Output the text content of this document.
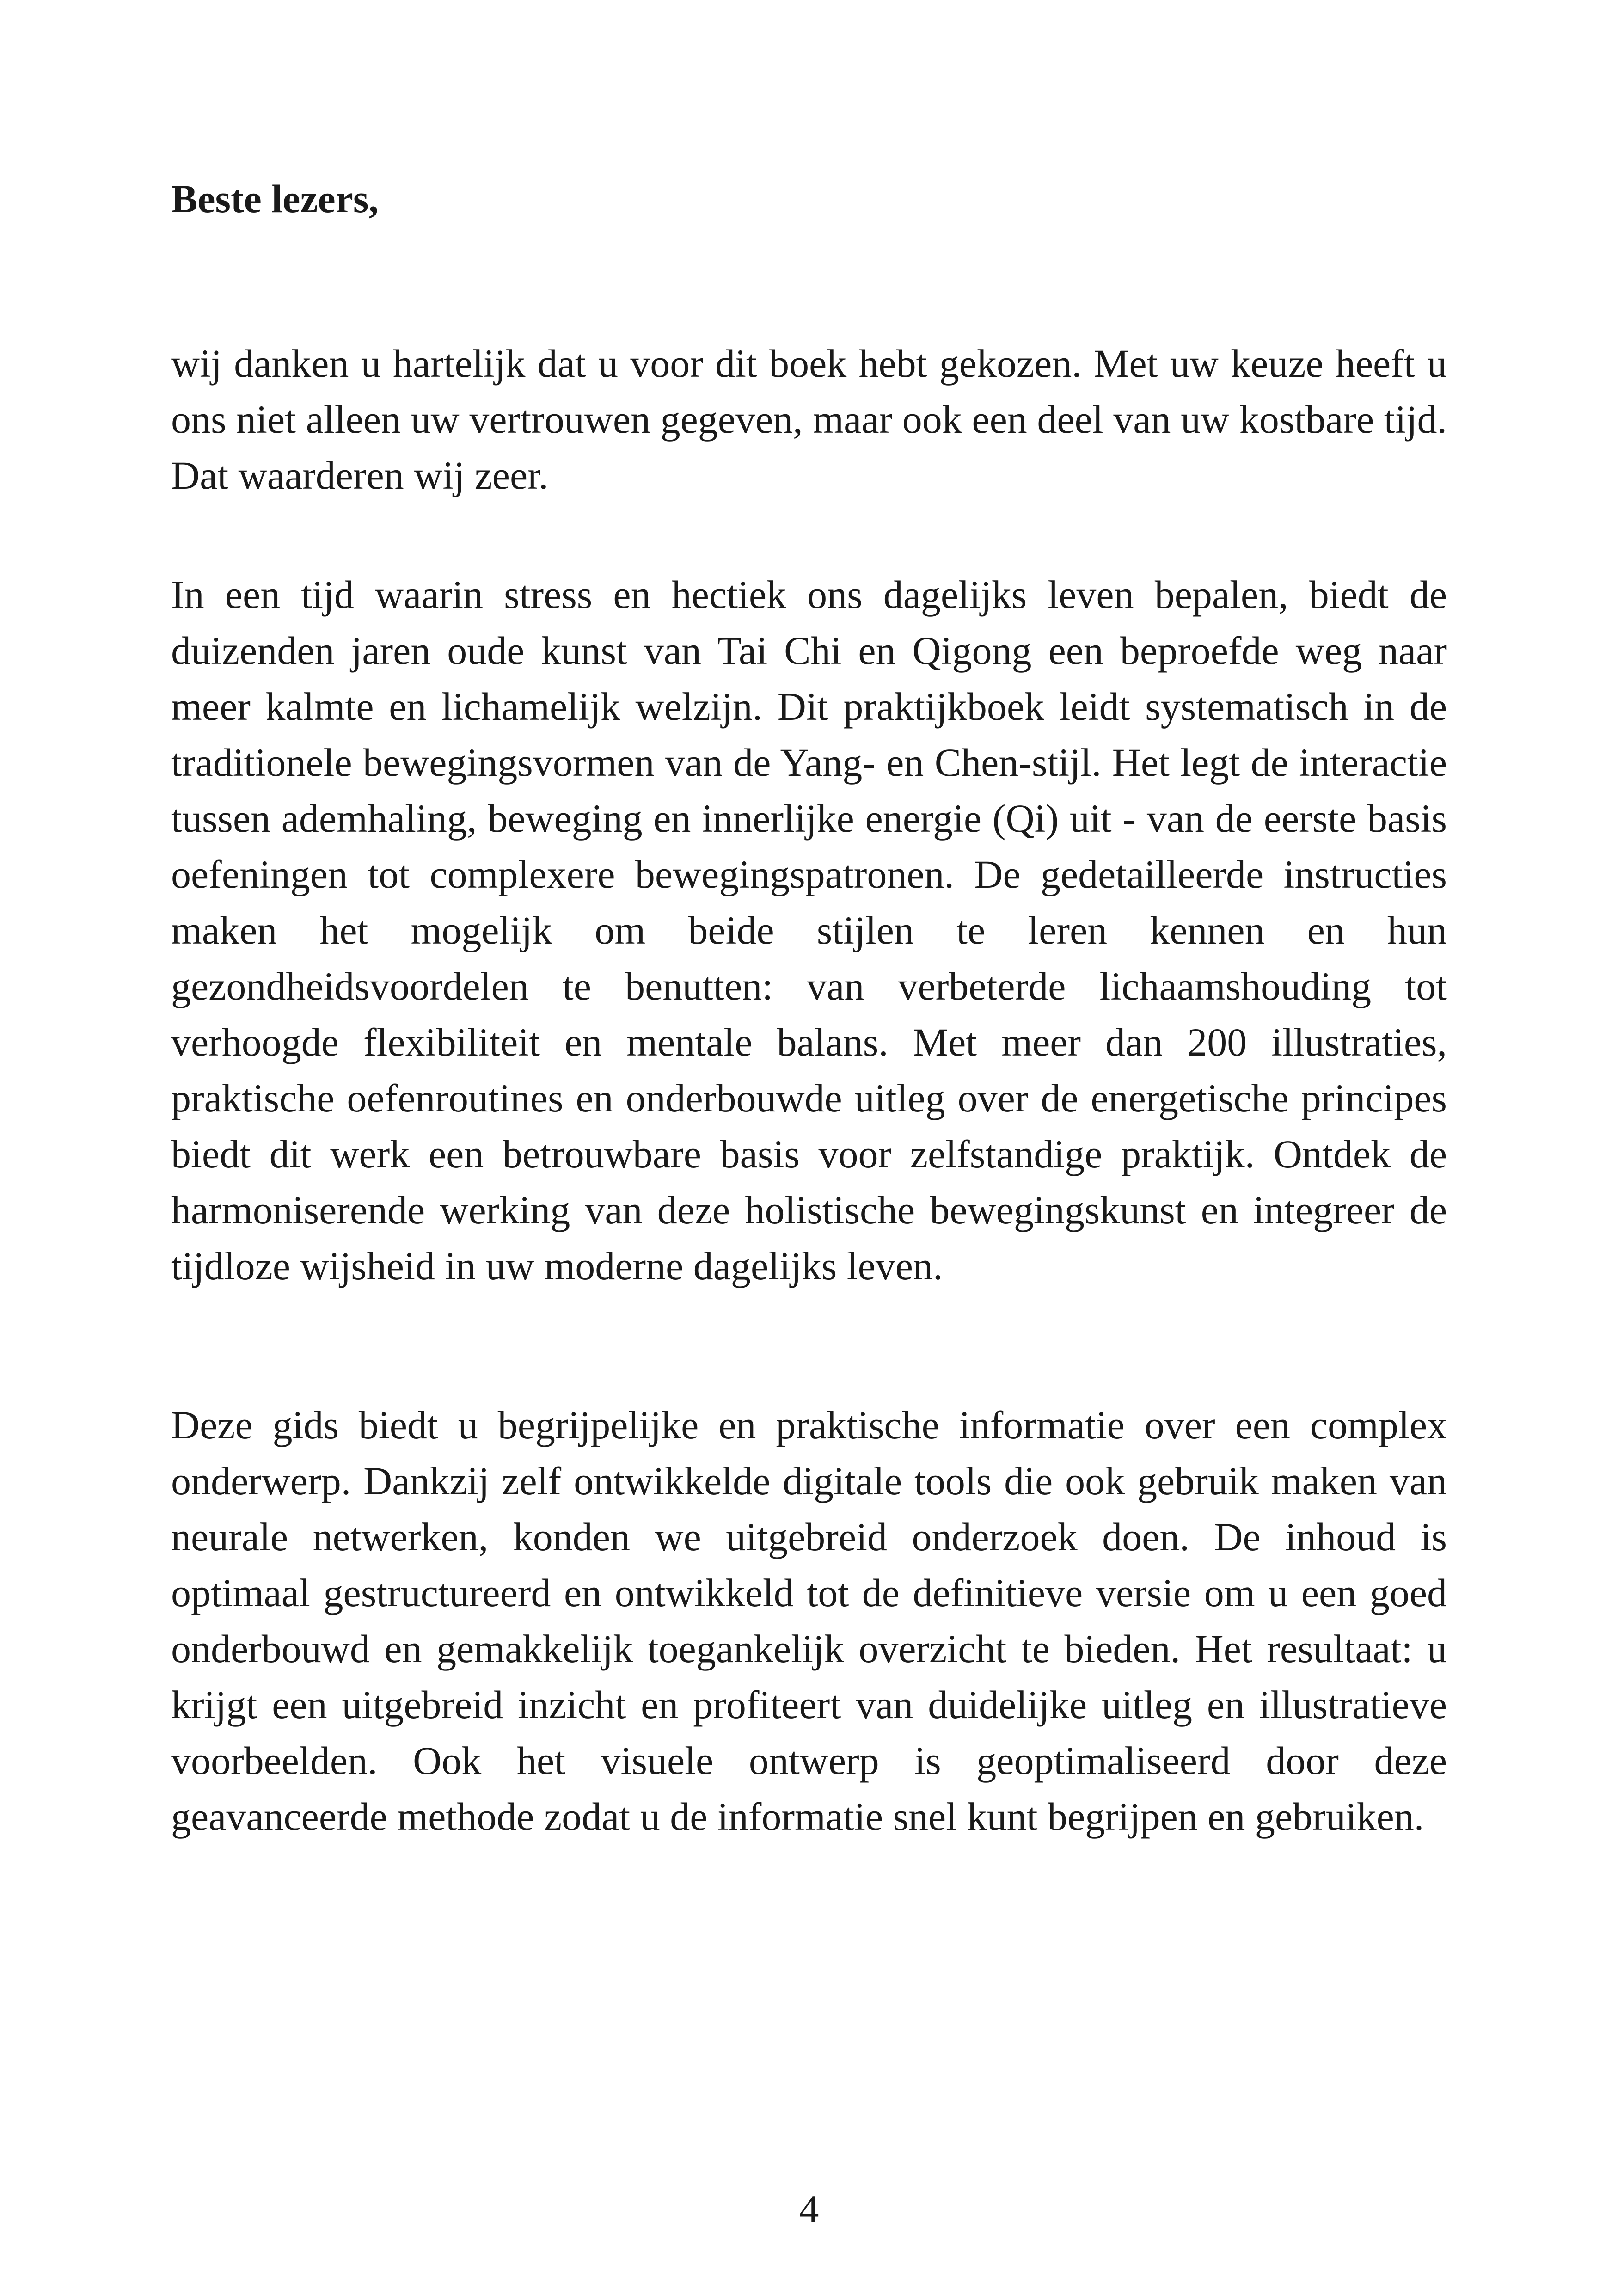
Beste lezers,

wij danken u hartelijk dat u voor dit boek hebt gekozen. Met uw keuze heeft u ons niet alleen uw vertrouwen gegeven, maar ook een deel van uw kostbare tijd. Dat waarderen wij zeer.

In een tijd waarin stress en hectiek ons dagelijks leven bepalen, biedt de duizenden jaren oude kunst van Tai Chi en Qigong een beproefde weg naar meer kalmte en lichamelijk welzijn. Dit praktijkboek leidt systematisch in de traditionele bewegingsvormen van de Yang- en Chen-stijl. Het legt de interactie tussen ademhaling, beweging en innerlijke energie (Qi) uit - van de eerste basis oefeningen tot complexere bewegingspatronen. De gedetailleerde instructies maken het mogelijk om beide stijlen te leren kennen en hun gezondheidsvoordelen te benutten: van verbeterde lichaamshouding tot verhoogde flexibiliteit en mentale balans. Met meer dan 200 illustraties, praktische oefenroutines en onderbouwde uitleg over de energetische principes biedt dit werk een betrouwbare basis voor zelfstandige praktijk. Ontdek de harmoniserende werking van deze holistische bewegingskunst en integreer de tijdloze wijsheid in uw moderne dagelijks leven.

Deze gids biedt u begrijpelijke en praktische informatie over een complex onderwerp. Dankzij zelf ontwikkelde digitale tools die ook gebruik maken van neurale netwerken, konden we uitgebreid onderzoek doen. De inhoud is optimaal gestructureerd en ontwikkeld tot de definitieve versie om u een goed onderbouwd en gemakkelijk toegankelijk overzicht te bieden. Het resultaat: u krijgt een uitgebreid inzicht en profiteert van duidelijke uitleg en illustratieve voorbeelden. Ook het visuele ontwerp is geoptimaliseerd door deze geavanceerde methode zodat u de informatie snel kunt begrijpen en gebruiken.

4
